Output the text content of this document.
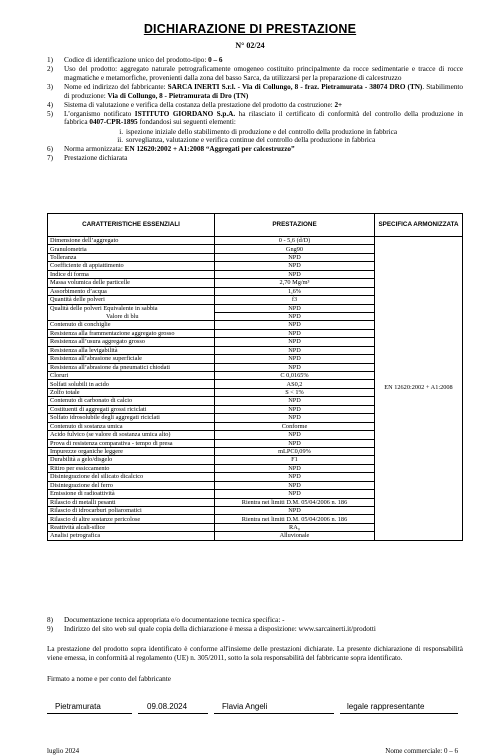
DICHIARAZIONE DI PRESTAZIONE
N° 02/24
1)	Codice di identificazione unico del prodotto-tipo: 0 – 6
2)	Uso del prodotto: aggregato naturale petrograficamente omogeneo costituito principalmente da rocce sedimentarie e tracce di rocce magmatiche e metamorfiche, provenienti dalla zona del basso Sarca, da utilizzarsi per la preparazione di calcestruzzo
3)	Nome ed indirizzo del fabbricante: SARCA INERTI S.r.l. - Via di Collungo, 8 - fraz. Pietramurata - 38074 DRO (TN). Stabilimento di produzione: Via di Collungo, 8 - Pietramurata di Dro (TN)
4)	Sistema di valutazione e verifica della costanza della prestazione del prodotto da costruzione: 2+
5)	L’organismo notificato ISTITUTO GIORDANO S.p.A. ha rilasciato il certificato di conformità del controllo della produzione in fabbrica 0407-CPR-1895 fondandosi sui seguenti elementi:
i. ispezione iniziale dello stabilimento di produzione e del controllo della produzione in fabbrica
ii. sorveglianza, valutazione e verifica continue del controllo della produzione in fabbrica
6)	Norma armonizzata: EN 12620:2002 + A1:2008 “Aggregati per calcestruzzo”
7)	Prestazione dichiarata
CARATTERISTICHE ESSENZIALI	PRESTAZIONE	SPECIFICA ARMONIZZATA
Dimensione dell’aggregato	0 - 5,6 (d/D)	EN 12620:2002 + A1:2008
Granulometria	Gng90	
Tolleranza	NPD	
Coefficiente di appiattimento	NPD	
Indice di forma	NPD	
Massa volumica delle particelle	2,70 Mg/m³	
Assorbimento d’acqua	1,6%	
Quantità delle polveri	f3	
Qualità delle polveri Equivalente in sabbia	NPD	
Valore di blu	NPD	
Contenuto di conchiglie	NPD	
Resistenza alla frammentazione aggregato grosso	NPD	
Resistenza all’usura aggregato grosso	NPD	
Resistenza alla levigabilità	NPD	
Resistenza all’abrasione superficiale	NPD	
Resistenza all’abrasione da pneumatici chiodati	NPD	
Cloruri	C 0,0165%	
Solfati solubili in acido	AS0,2	
Zolfo totale	S < 1%	
Contenuto di carbonato di calcio	NPD	
Costituenti di aggregati grossi riciclati	NPD	
Solfato idrosolubile degli aggregati riciclati	NPD	
Contenuto di sostanza umica	Conforme	
Acido fulvico (se valore di sostanza umica alto)	NPD	
Prova di resistenza comparativa - tempo di presa	NPD	
Impurezze organiche leggere	mLPC0,09%	
Durabilità a gelo/disgelo	F1	
Ritiro per essiccamento	NPD	
Disintegrazione del silicato dicalcico	NPD	
Disintegrazione del ferro	NPD	
Emissione di radioattività	NPD	
Rilascio di metalli pesanti	Rientra nei limiti D.M. 05/04/2006 n. 186	
Rilascio di idrocarburi poliaromatici	NPD	
Rilascio di altre sostanze pericolose	Rientra nei limiti D.M. 05/04/2006 n. 186	
Reattività alcali-silice	RA₀	
Analisi petrografica	Alluvionale	
8)	Documentazione tecnica appropriata e/o documentazione tecnica specifica: -
9)	Indirizzo del sito web sul quale copia della dichiarazione è messa a disposizione: www.sarcainerti.it/prodotti
La prestazione del prodotto sopra identificato è conforme all'insieme delle prestazioni dichiarate. La presente dichiarazione di responsabilità viene emessa, in conformità al regolamento (UE) n. 305/2011, sotto la sola responsabilità del fabbricante sopra identificato.
Firmato a nome e per conto del fabbricante
Pietramurata	09.08.2024	Flavia Angeli	legale rappresentante
luglio 2024	Nome commerciale: 0 – 6
